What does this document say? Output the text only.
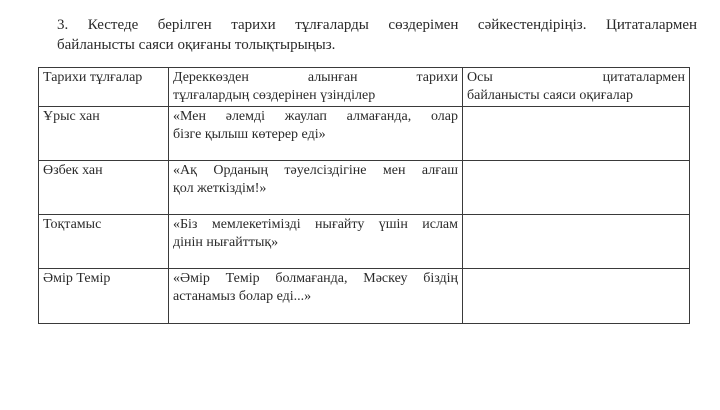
3. Кестеде берілген тарихи тұлғаларды сөздерімен сәйкестендіріңіз. Цитаталармен
байланысты саяси оқиғаны толықтырыңыз.
Тарихи тұлғалар	Дереккөзден алынған тарихи
тұлғалардың сөздерінен үзінділер	Осы цитаталармен
байланысты саяси оқиғалар
Ұрыс хан	«Мен әлемді жаулап алмағанда, олар
бізге қылыш көтерер еді»	
Өзбек хан	«Ақ Орданың тәуелсіздігіне мен алғаш
қол жеткіздім!»	
Тоқтамыс	«Біз мемлекетімізді нығайту үшін ислам
дінін нығайттық»	
Әмір Темір	«Әмір Темір болмағанда, Мәскеу біздің
астанамыз болар еді...»	
